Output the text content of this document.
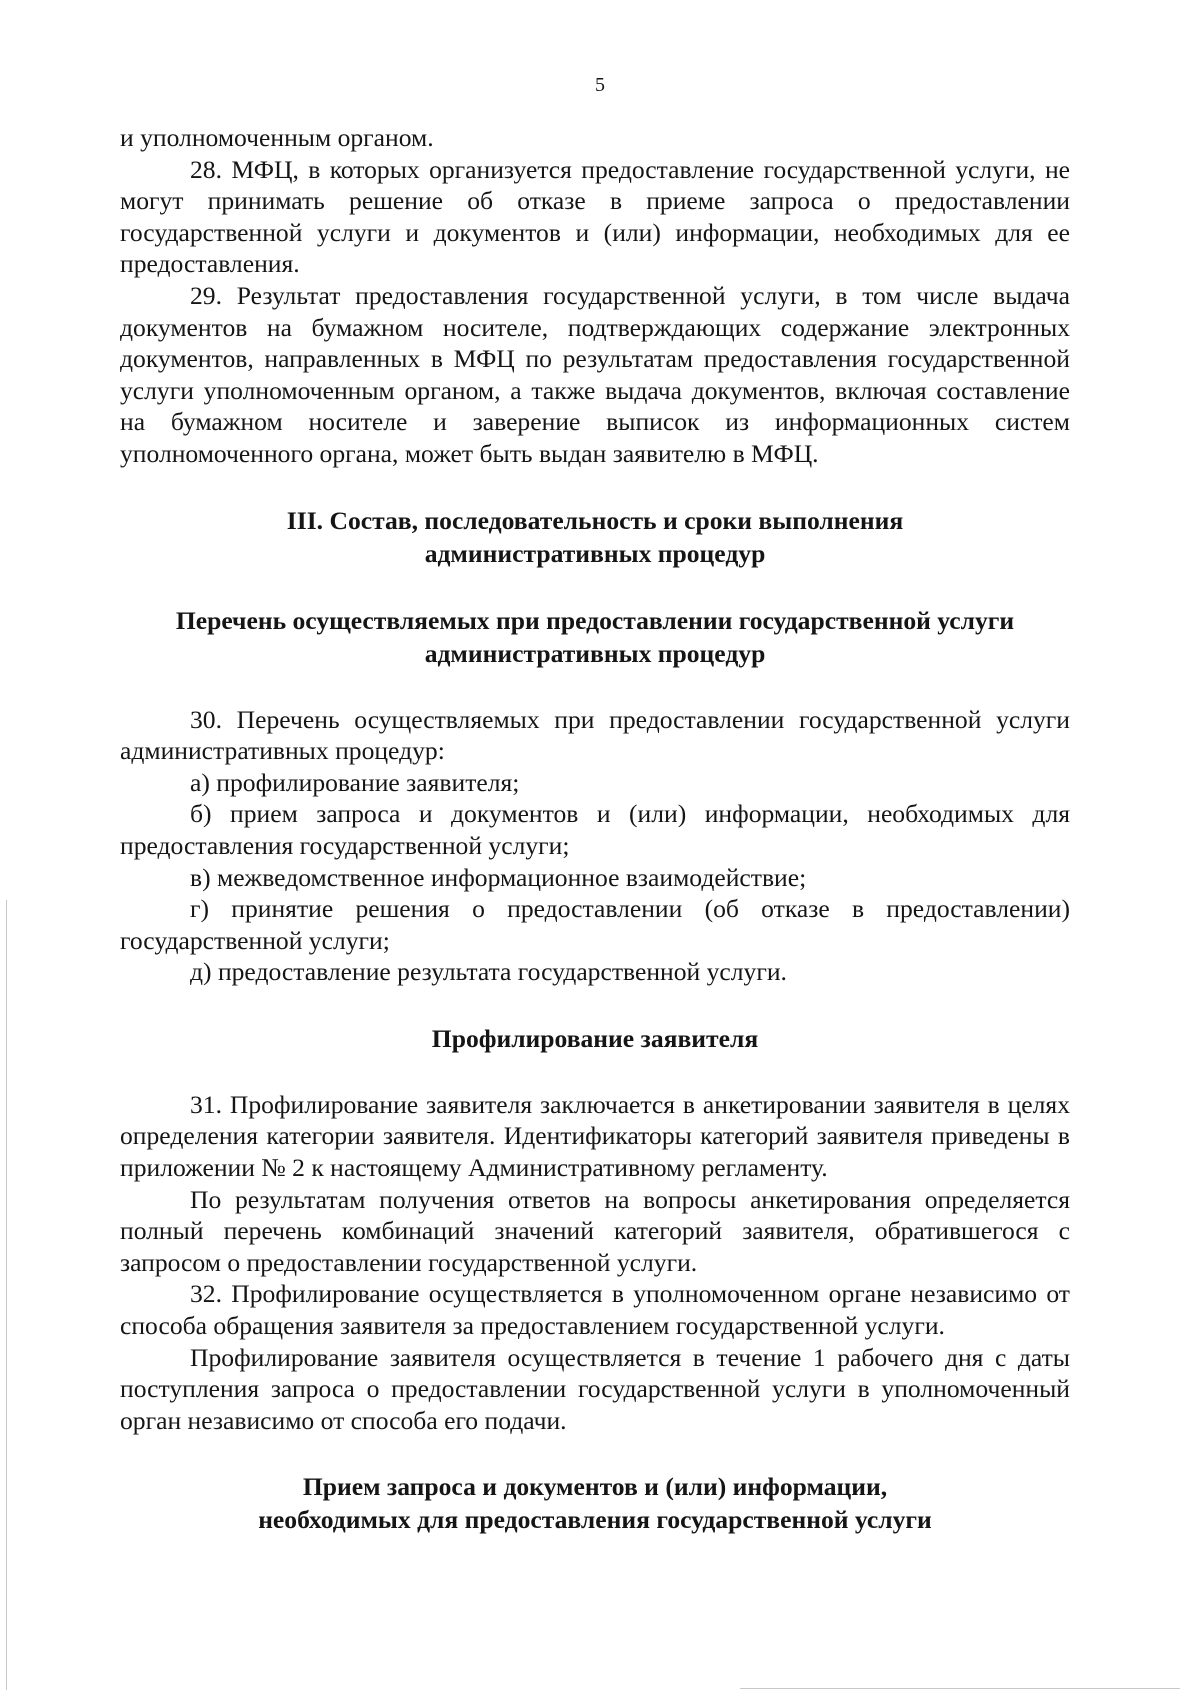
5

и уполномоченным органом.

28. МФЦ, в которых организуется предоставление государственной услуги, не могут принимать решение об отказе в приеме запроса о предоставлении государственной услуги и документов и (или) информации, необходимых для ее предоставления.

29. Результат предоставления государственной услуги, в том числе выдача документов на бумажном носителе, подтверждающих содержание электронных документов, направленных в МФЦ по результатам предоставления государственной услуги уполномоченным органом, а также выдача документов, включая составление на бумажном носителе и заверение выписок из информационных систем уполномоченного органа, может быть выдан заявителю в МФЦ.

III. Состав, последовательность и сроки выполнения
административных процедур
Перечень осуществляемых при предоставлении государственной услуги
административных процедур

30. Перечень осуществляемых при предоставлении государственной услуги административных процедур:

а) профилирование заявителя;

б) прием запроса и документов и (или) информации, необходимых для предоставления государственной услуги;

в) межведомственное информационное взаимодействие;

г) принятие решения о предоставлении (об отказе в предоставлении) государственной услуги;

д) предоставление результата государственной услуги.

Профилирование заявителя

31. Профилирование заявителя заключается в анкетировании заявителя в целях определения категории заявителя. Идентификаторы категорий заявителя приведены в приложении № 2 к настоящему Административному регламенту.

По результатам получения ответов на вопросы анкетирования определяется полный перечень комбинаций значений категорий заявителя, обратившегося с запросом о предоставлении государственной услуги.

32. Профилирование осуществляется в уполномоченном органе независимо от способа обращения заявителя за предоставлением государственной услуги.

Профилирование заявителя осуществляется в течение 1 рабочего дня с даты поступления запроса о предоставлении государственной услуги в уполномоченный орган независимо от способа его подачи.

Прием запроса и документов и (или) информации,
необходимых для предоставления государственной услуги
